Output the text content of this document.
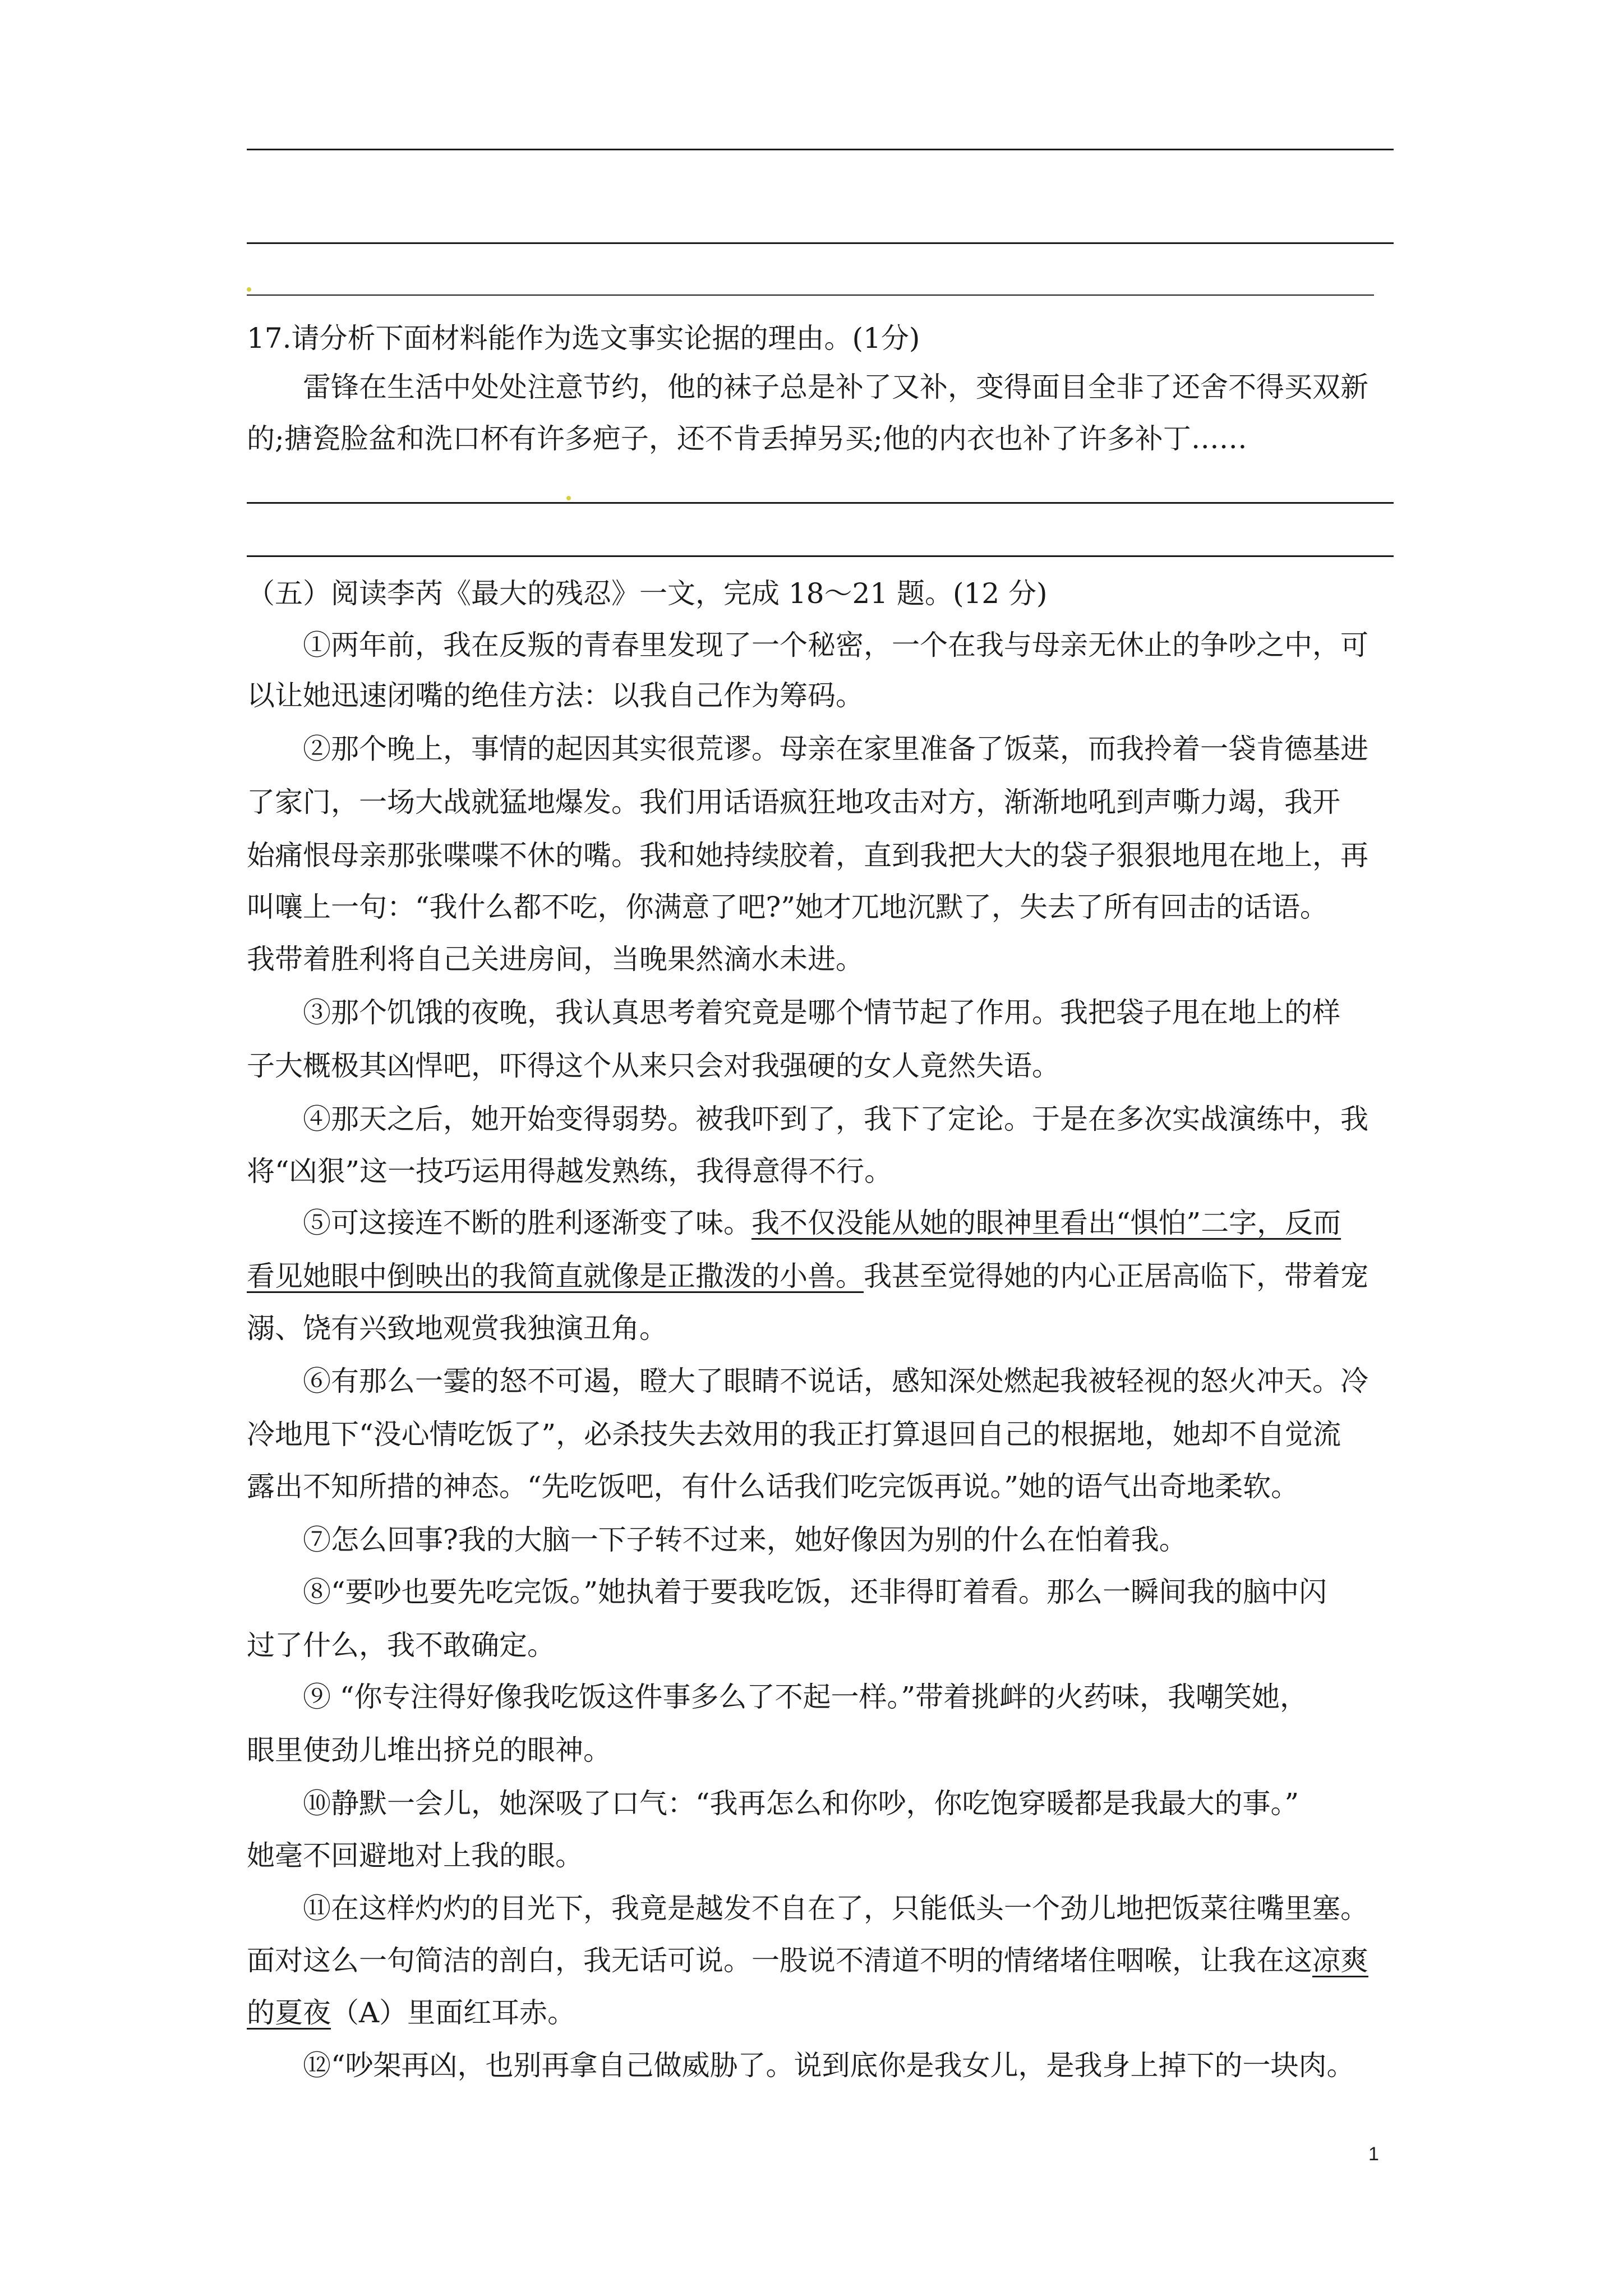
17.请分析下面材料能作为选文事实论据的理由。(1分)
雷锋在生活中处处注意节约，他的袜子总是补了又补，变得面目全非了还舍不得买双新
的;搪瓷脸盆和洗口杯有许多疤子，还不肯丢掉另买;他的内衣也补了许多补丁……
（五）阅读李芮《最大的残忍》一文，完成 18～21 题。(12 分)
①两年前，我在反叛的青春里发现了一个秘密，一个在我与母亲无休止的争吵之中，可
以让她迅速闭嘴的绝佳方法：以我自己作为筹码。
②那个晚上，事情的起因其实很荒谬。母亲在家里准备了饭菜，而我拎着一袋肯德基进
了家门，一场大战就猛地爆发。我们用话语疯狂地攻击对方，渐渐地吼到声嘶力竭，我开
始痛恨母亲那张喋喋不休的嘴。我和她持续胶着，直到我把大大的袋子狠狠地甩在地上，再
叫嚷上一句：“我什么都不吃，你满意了吧?”她才兀地沉默了，失去了所有回击的话语。
我带着胜利将自己关进房间，当晚果然滴水未进。
③那个饥饿的夜晚，我认真思考着究竟是哪个情节起了作用。我把袋子甩在地上的样
子大概极其凶悍吧，吓得这个从来只会对我强硬的女人竟然失语。
④那天之后，她开始变得弱势。被我吓到了，我下了定论。于是在多次实战演练中，我
将“凶狠”这一技巧运用得越发熟练，我得意得不行。
⑤可这接连不断的胜利逐渐变了味。我不仅没能从她的眼神里看出“惧怕”二字，反而
看见她眼中倒映出的我简直就像是正撒泼的小兽。我甚至觉得她的内心正居高临下，带着宠
溺、饶有兴致地观赏我独演丑角。
⑥有那么一霎的怒不可遏，瞪大了眼睛不说话，感知深处燃起我被轻视的怒火冲天。冷
冷地甩下“没心情吃饭了”，必杀技失去效用的我正打算退回自己的根据地，她却不自觉流
露出不知所措的神态。“先吃饭吧，有什么话我们吃完饭再说。”她的语气出奇地柔软。
⑦怎么回事?我的大脑一下子转不过来，她好像因为别的什么在怕着我。
⑧“要吵也要先吃完饭。”她执着于要我吃饭，还非得盯着看。那么一瞬间我的脑中闪
过了什么，我不敢确定。
⑨ “你专注得好像我吃饭这件事多么了不起一样。”带着挑衅的火药味，我嘲笑她，
眼里使劲儿堆出挤兑的眼神。
⑩静默一会儿，她深吸了口气：“我再怎么和你吵，你吃饱穿暖都是我最大的事。”
她毫不回避地对上我的眼。
⑪在这样灼灼的目光下，我竟是越发不自在了，只能低头一个劲儿地把饭菜往嘴里塞。
面对这么一句简洁的剖白，我无话可说。一股说不清道不明的情绪堵住咽喉，让我在这凉爽
的夏夜（A）里面红耳赤。
⑫“吵架再凶，也别再拿自己做威胁了。说到底你是我女儿，是我身上掉下的一块肉。
1
